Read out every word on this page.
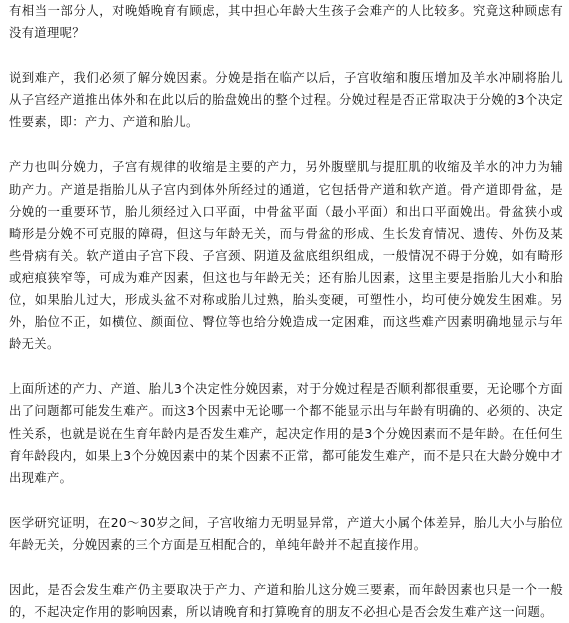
有相当一部分人，对晚婚晚育有顾虑，其中担心年龄大生孩子会难产的人比较多。究竟这种顾虑有没有道理呢？

说到难产，我们必须了解分娩因素。分娩是指在临产以后，子宫收缩和腹压增加及羊水冲刷将胎儿从子宫经产道推出体外和在此以后的胎盘娩出的整个过程。分娩过程是否正常取决于分娩的3个决定性要素，即：产力、产道和胎儿。

产力也叫分娩力，子宫有规律的收缩是主要的产力，另外腹壁肌与提肛肌的收缩及羊水的冲力为辅助产力。产道是指胎儿从子宫内到体外所经过的通道，它包括骨产道和软产道。骨产道即骨盆，是分娩的一重要环节，胎儿须经过入口平面，中骨盆平面（最小平面）和出口平面娩出。骨盆狭小或畸形是分娩不可克服的障碍，但这与年龄无关，而与骨盆的形成、生长发育情况、遗传、外伤及某些骨病有关。软产道由子宫下段、子宫颈、阴道及盆底组织组成，一般情况不碍于分娩，如有畸形或疤痕狭窄等，可成为难产因素，但这也与年龄无关；还有胎儿因素，这里主要是指胎儿大小和胎位，如果胎儿过大，形成头盆不对称或胎儿过熟，胎头变硬，可塑性小，均可使分娩发生困难。另外，胎位不正，如横位、颜面位、臀位等也给分娩造成一定困难，而这些难产因素明确地显示与年龄无关。

上面所述的产力、产道、胎儿3个决定性分娩因素，对于分娩过程是否顺利都很重要，无论哪个方面出了问题都可能发生难产。而这3个因素中无论哪一个都不能显示出与年龄有明确的、必须的、决定性关系，也就是说在生育年龄内是否发生难产，起决定作用的是3个分娩因素而不是年龄。在任何生育年龄段内，如果上3个分娩因素中的某个因素不正常，都可能发生难产，而不是只在大龄分娩中才出现难产。

医学研究证明，在20～30岁之间，子宫收缩力无明显异常，产道大小属个体差异，胎儿大小与胎位年龄无关，分娩因素的三个方面是互相配合的，单纯年龄并不起直接作用。

因此，是否会发生难产仍主要取决于产力、产道和胎儿这分娩三要素，而年龄因素也只是一个一般的，不起决定作用的影响因素，所以请晚育和打算晚育的朋友不必担心是否会发生难产这一问题。
